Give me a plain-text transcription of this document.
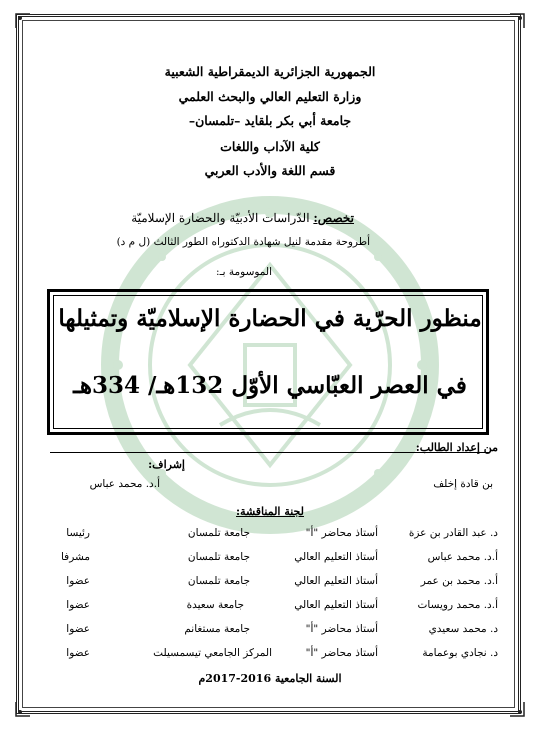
الجمهورية الجزائرية الديمقراطية الشعبية
وزارة التعليم العالي والبحث العلمي
جامعة أبي بكر بلقايد –تلمسان–
كلية الآداب واللغات
قسم اللغة والأدب العربي
تخصص: الدّراسات الأدبيّة والحضارة الإسلاميّة
أطروحة مقدمة لنيل شهادة الدكتوراه الطور الثالث (ل م د)
الموسومة بـ:
منظور الحرّية في الحضارة الإسلاميّة وتمثيلها
في العصر العبّاسي الأوّل 132هـ/ 334هـ
من إعداد الطالب:
إشراف:
بن قادة إخلف
أ.د. محمد عباس
لجنة المناقشة:
د. عبد القادر بن عزة
أستاذ محاضر "أ"
جامعة تلمسان
رئيسا
أ.د. محمد عباس
أستاذ التعليم العالي
جامعة تلمسان
مشرفا
أ.د. محمد بن عمر
أستاذ التعليم العالي
جامعة تلمسان
عضوا
أ.د. محمد رويسات
أستاذ التعليم العالي
جامعة سعيدة
عضوا
د. محمد سعيدي
أستاذ محاضر "أ"
جامعة مستغانم
عضوا
د. نجادي بوعمامة
أستاذ محاضر "أ"
المركز الجامعي تيسمسيلت
عضوا
السنة الجامعية 2016-2017م
